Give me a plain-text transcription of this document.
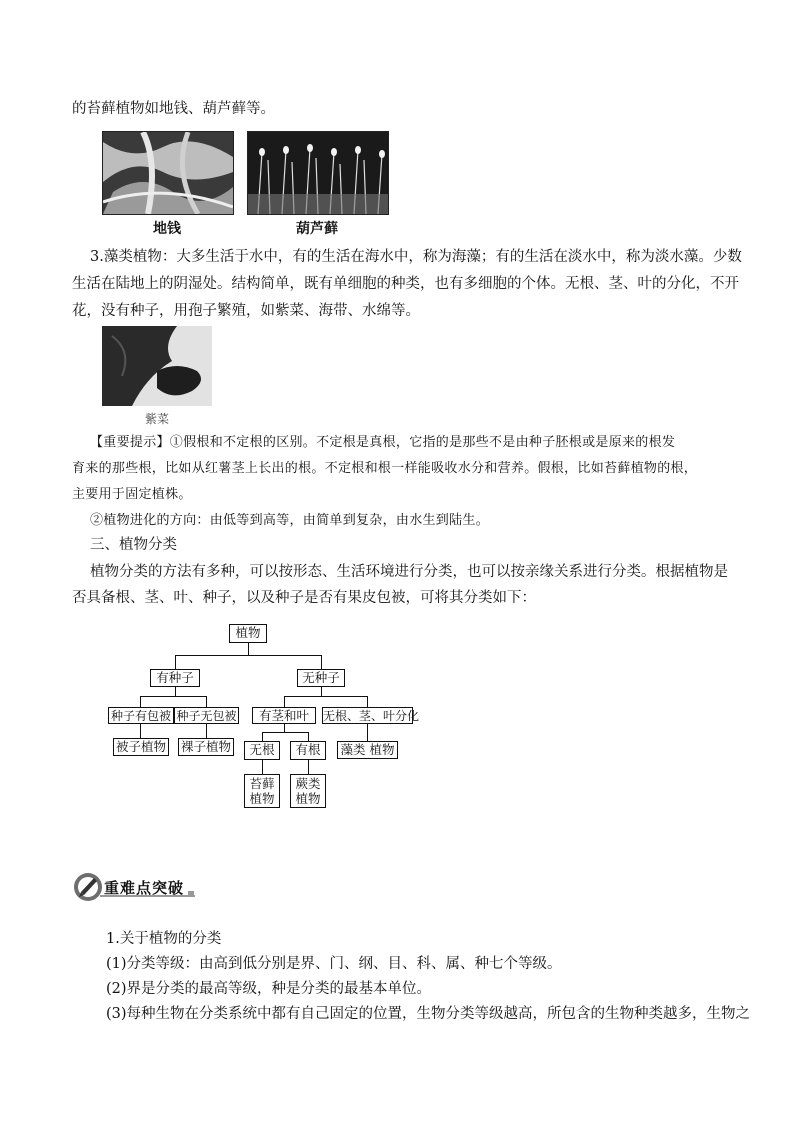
的苔藓植物如地钱、葫芦藓等。
地钱	葫芦藓
3.藻类植物：大多生活于水中，有的生活在海水中，称为海藻；有的生活在淡水中，称为淡水藻。少数
生活在陆地上的阴湿处。结构简单，既有单细胞的种类，也有多细胞的个体。无根、茎、叶的分化，不开
花，没有种子，用孢子繁殖，如紫菜、海带、水绵等。
紫菜
【重要提示】①假根和不定根的区别。不定根是真根，它指的是那些不是由种子胚根或是原来的根发
育来的那些根，比如从红薯茎上长出的根。不定根和根一样能吸收水分和营养。假根，比如苔藓植物的根，
主要用于固定植株。
②植物进化的方向：由低等到高等，由简单到复杂，由水生到陆生。
三、植物分类
植物分类的方法有多种，可以按形态、生活环境进行分类，也可以按亲缘关系进行分类。根据植物是
否具备根、茎、叶、种子，以及种子是否有果皮包被，可将其分类如下：
植物
有种子	无种子
种子有包被 种子无包被
被子植物 裸子植物
有茎和叶	无根、茎、叶分化
藻类 植物
无根	有根
苔藓
植物
蕨类
植物
重难点突破
1.关于植物的分类
(1)分类等级：由高到低分别是界、门、纲、目、科、属、种七个等级。
(2)界是分类的最高等级，种是分类的最基本单位。
(3)每种生物在分类系统中都有自己固定的位置，生物分类等级越高，所包含的生物种类越多，生物之
